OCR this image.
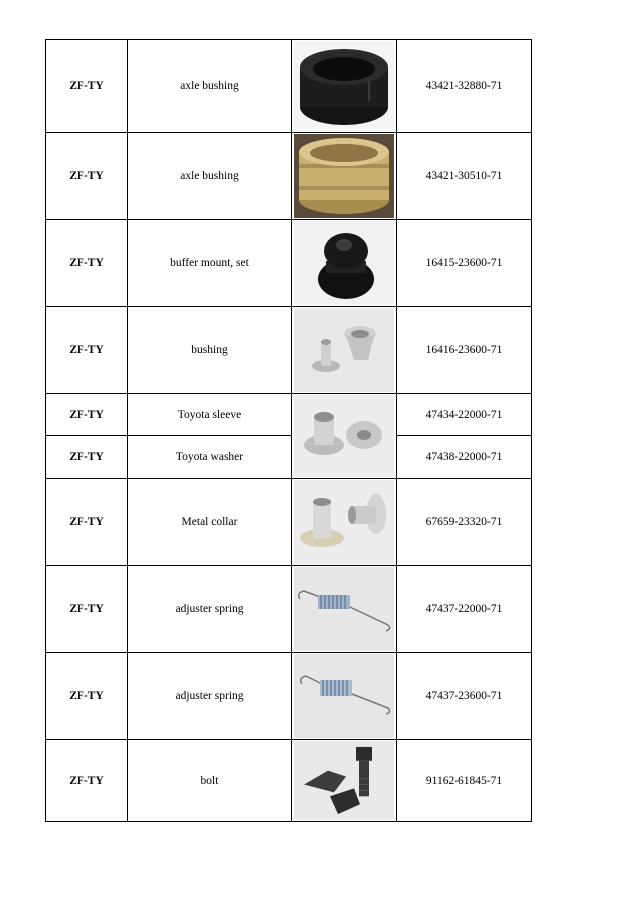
ZF-TY	axle bushing		43421-32880-71
ZF-TY	axle bushing		43421-30510-71
ZF-TY	buffer mount, set		16415-23600-71
ZF-TY	bushing		16416-23600-71
ZF-TY	Toyota sleeve		47434-22000-71
ZF-TY	Toyota washer		47438-22000-71
ZF-TY	Metal collar		67659-23320-71
ZF-TY	adjuster spring		47437-22000-71
ZF-TY	adjuster spring		47437-23600-71
ZF-TY	bolt		91162-61845-71
